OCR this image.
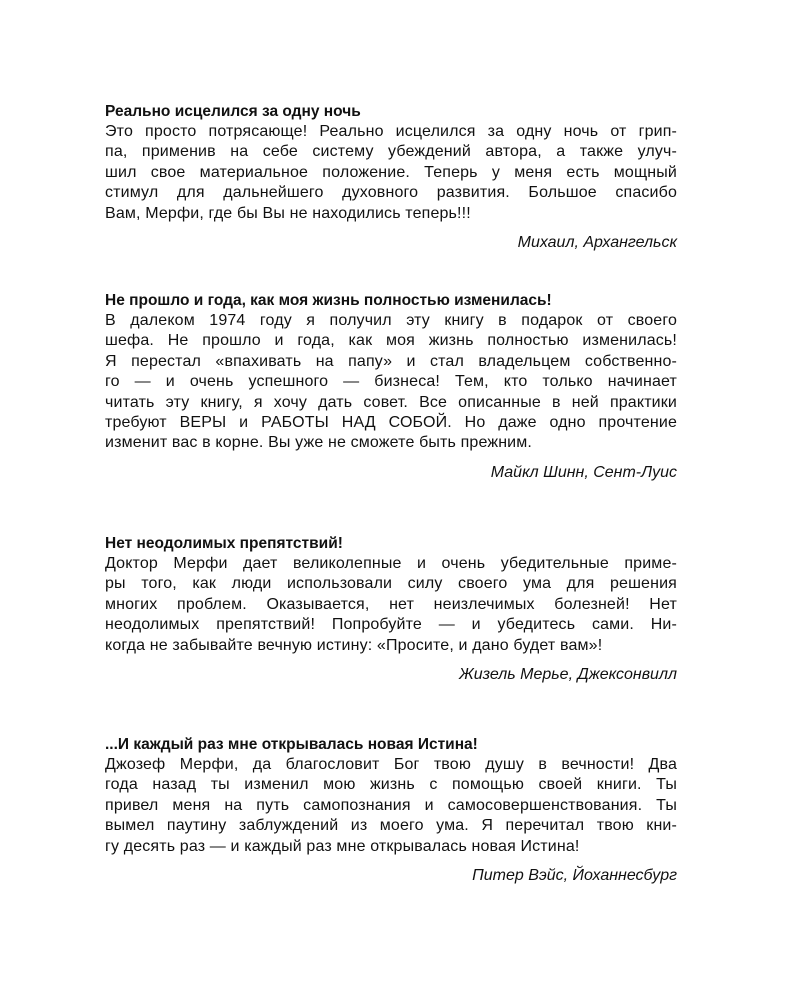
Реально исцелился за одну ночь
Это просто потрясающе! Реально исцелился за одну ночь от грип-
па, применив на себе систему убеждений автора, а также улуч-
шил свое материальное положение. Теперь у меня есть мощный
стимул для дальнейшего духовного развития. Большое спасибо
Вам, Мерфи, где бы Вы не находились теперь!!!
Михаил, Архангельск
Не прошло и года, как моя жизнь полностью изменилась!
В далеком 1974 году я получил эту книгу в подарок от своего
шефа. Не прошло и года, как моя жизнь полностью изменилась!
Я перестал «впахивать на папу» и стал владельцем собственно-
го — и очень успешного — бизнеса! Тем, кто только начинает
читать эту книгу, я хочу дать совет. Все описанные в ней практики
требуют ВЕРЫ и РАБОТЫ НАД СОБОЙ. Но даже одно прочтение
изменит вас в корне. Вы уже не сможете быть прежним.
Майкл Шинн, Сент-Луис
Нет неодолимых препятствий!
Доктор Мерфи дает великолепные и очень убедительные приме-
ры того, как люди использовали силу своего ума для решения
многих проблем. Оказывается, нет неизлечимых болезней! Нет
неодолимых препятствий! Попробуйте — и убедитесь сами. Ни-
когда не забывайте вечную истину: «Просите, и дано будет вам»!
Жизель Мерье, Джексонвилл
...И каждый раз мне открывалась новая Истина!
Джозеф Мерфи, да благословит Бог твою душу в вечности! Два
года назад ты изменил мою жизнь с помощью своей книги. Ты
привел меня на путь самопознания и самосовершенствования. Ты
вымел паутину заблуждений из моего ума. Я перечитал твою кни-
гу десять раз — и каждый раз мне открывалась новая Истина!
Питер Вэйс, Йоханнесбург
